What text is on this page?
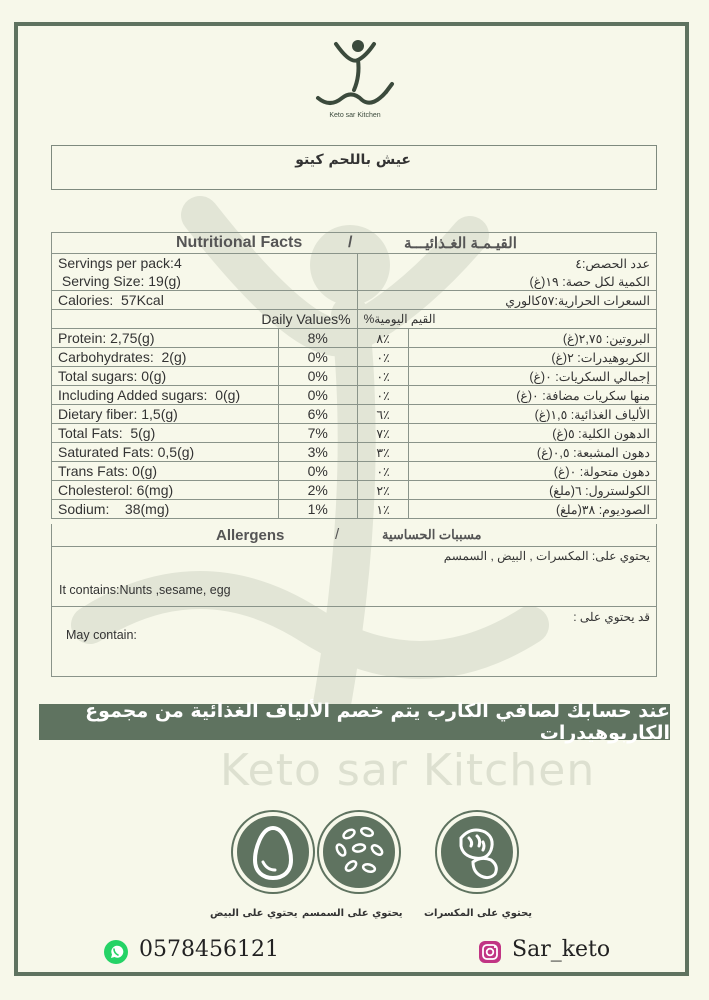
Keto sar Kitchen
Keto sar Kitchen
عيش باللحم كيتو
Nutritional Facts / القيـمـة الغـذائيـــة			

Servings per pack:4		عدد الحصص:٤	
Serving Size: 19(g)		الكمية لكل حصة: ١٩(غ)	
Calories:  57Kcal		السعرات الحرارية:٥٧كالوري	
Daily Values%		%القيم اليومية	
Protein: 2,75(g)	8%	٪٨	البروتين: ٢,٧٥(غ)
Carbohydrates:  2(g)	0%	٪٠	الكربوهيدرات: ٢(غ)
Total sugars: 0(g)	0%	٪٠	إجمالي السكريات: ٠(غ)
Including Added sugars:  0(g)	0%	٪٠	منها سكريات مضافة: ٠(غ)
Dietary fiber: 1,5(g)	6%	٪٦	الألياف الغذائية: ١,٥(غ)
Total Fats:  5(g)	7%	٪٧	الدهون الكلية: ٥(غ)
Saturated Fats: 0,5(g)	3%	٪٣	دهون المشبعة: ٠,٥(غ)
Trans Fats: 0(g)	0%	٪٠	دهون متحولة: ٠(غ)
Cholesterol: 6(mg)	2%	٪٢	الكولسترول: ٦(ملغ)
Sodium:    38(mg)	1%	٪١	الصوديوم: ٣٨(ملغ)
Allergens	/	مسببات الحساسية
يحتوي على: المكسرات , البيض , السمسم
It contains:Nunts ,sesame, egg
قد يحتوي على :
May contain:
عند حسابك لصافي الكارب يتم خصم الألياف الغذائية من مجموع الكاربوهيدرات
يحتوي على البيض يحتوي على السمسم يحتوي على المكسرات
0578456121	Sar_keto
